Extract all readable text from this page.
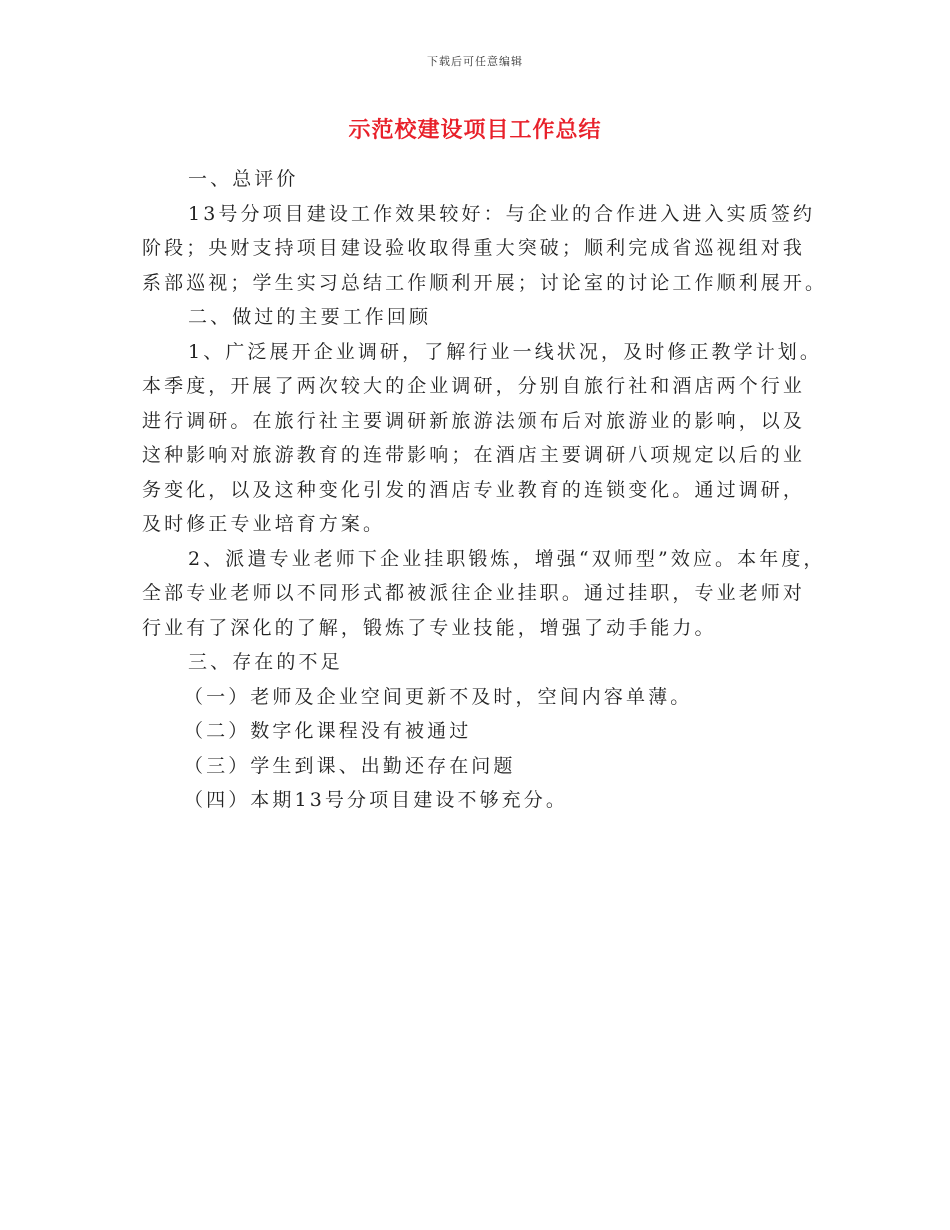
下载后可任意编辑
示范校建设项目工作总结

一、总评价

13号分项目建设工作效果较好：与企业的合作进入进入实质签约
阶段；央财支持项目建设验收取得重大突破；顺利完成省巡视组对我
系部巡视；学生实习总结工作顺利开展；讨论室的讨论工作顺利展开。

二、做过的主要工作回顾

1、广泛展开企业调研，了解行业一线状况，及时修正教学计划。
本季度，开展了两次较大的企业调研，分别自旅行社和酒店两个行业
进行调研。在旅行社主要调研新旅游法颁布后对旅游业的影响，以及
这种影响对旅游教育的连带影响；在酒店主要调研八项规定以后的业
务变化，以及这种变化引发的酒店专业教育的连锁变化。通过调研，
及时修正专业培育方案。

2、派遣专业老师下企业挂职锻炼，增强“双师型”效应。本年度，
全部专业老师以不同形式都被派往企业挂职。通过挂职，专业老师对
行业有了深化的了解，锻炼了专业技能，增强了动手能力。

三、存在的不足

（一）老师及企业空间更新不及时，空间内容单薄。

（二）数字化课程没有被通过

（三）学生到课、出勤还存在问题

（四）本期13号分项目建设不够充分。
